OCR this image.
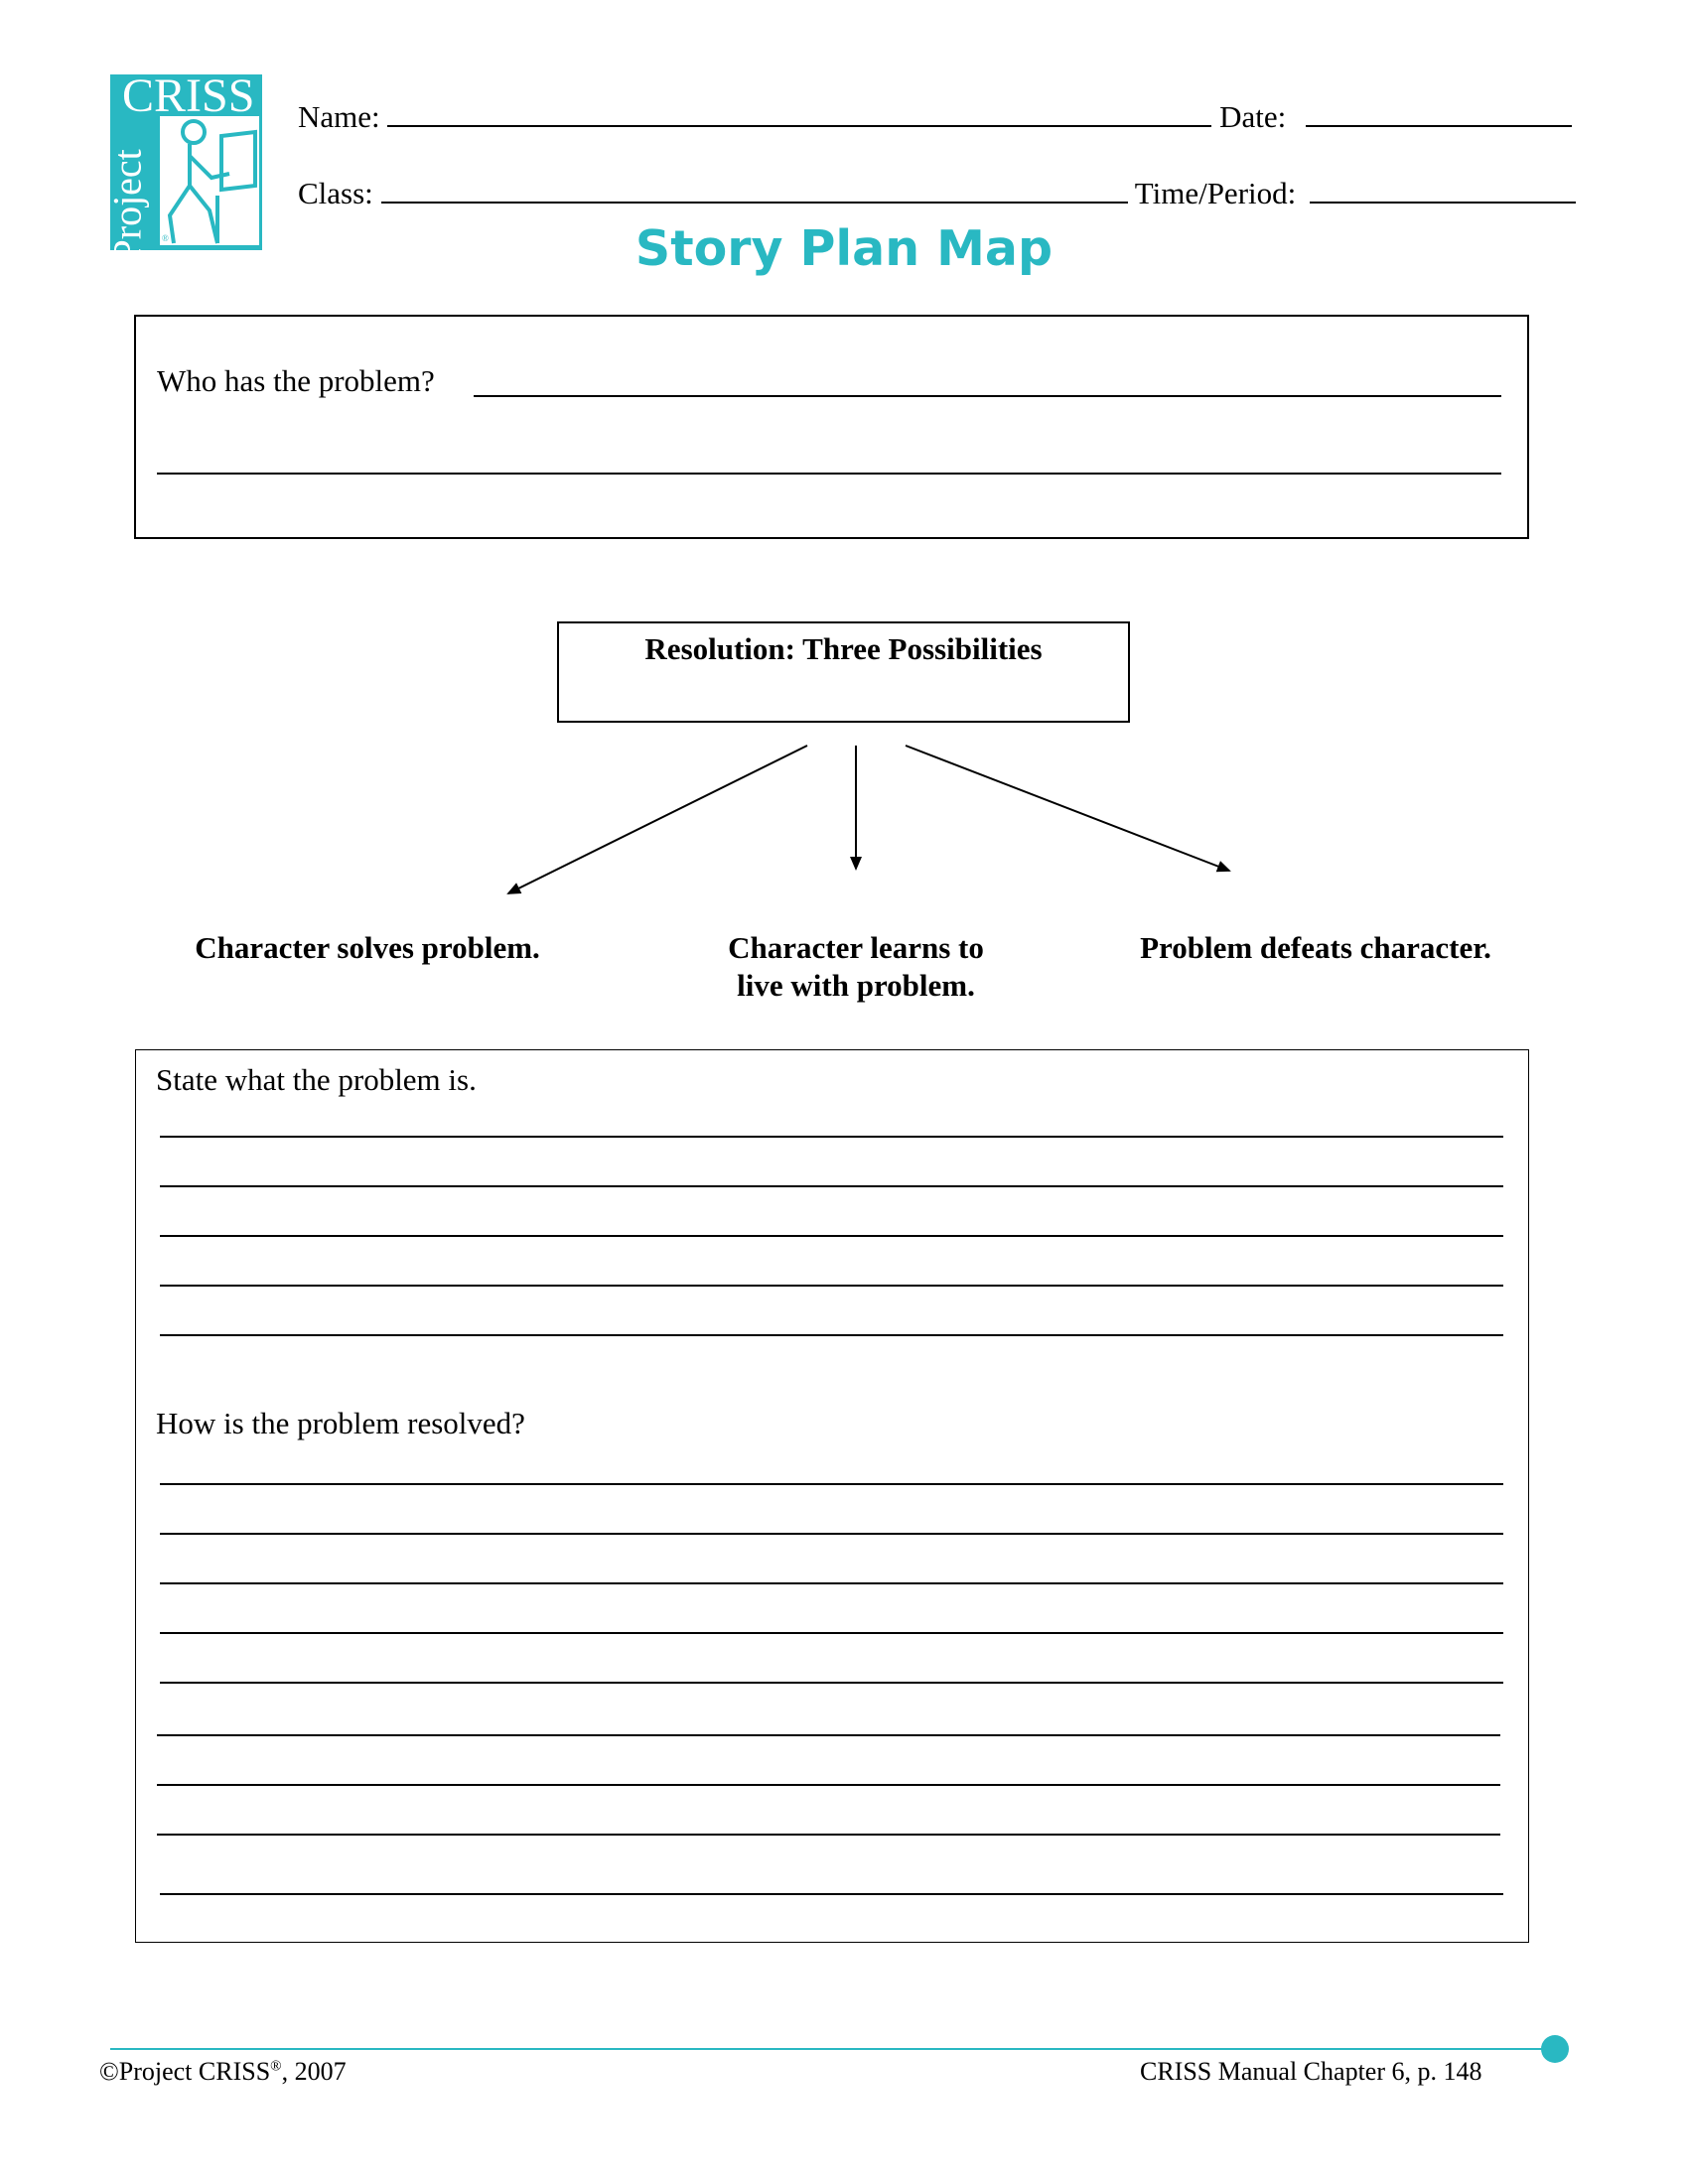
CRISS
Project ®
Name:	Date:
Class:	Time/Period:
Story Plan Map
Who has the problem?
Resolution: Three Possibilities
Character solves problem.	Character learns to
live with problem.
Problem defeats character.
State what the problem is.
How is the problem resolved?
©Project CRISS®, 2007	CRISS Manual Chapter 6, p. 148
